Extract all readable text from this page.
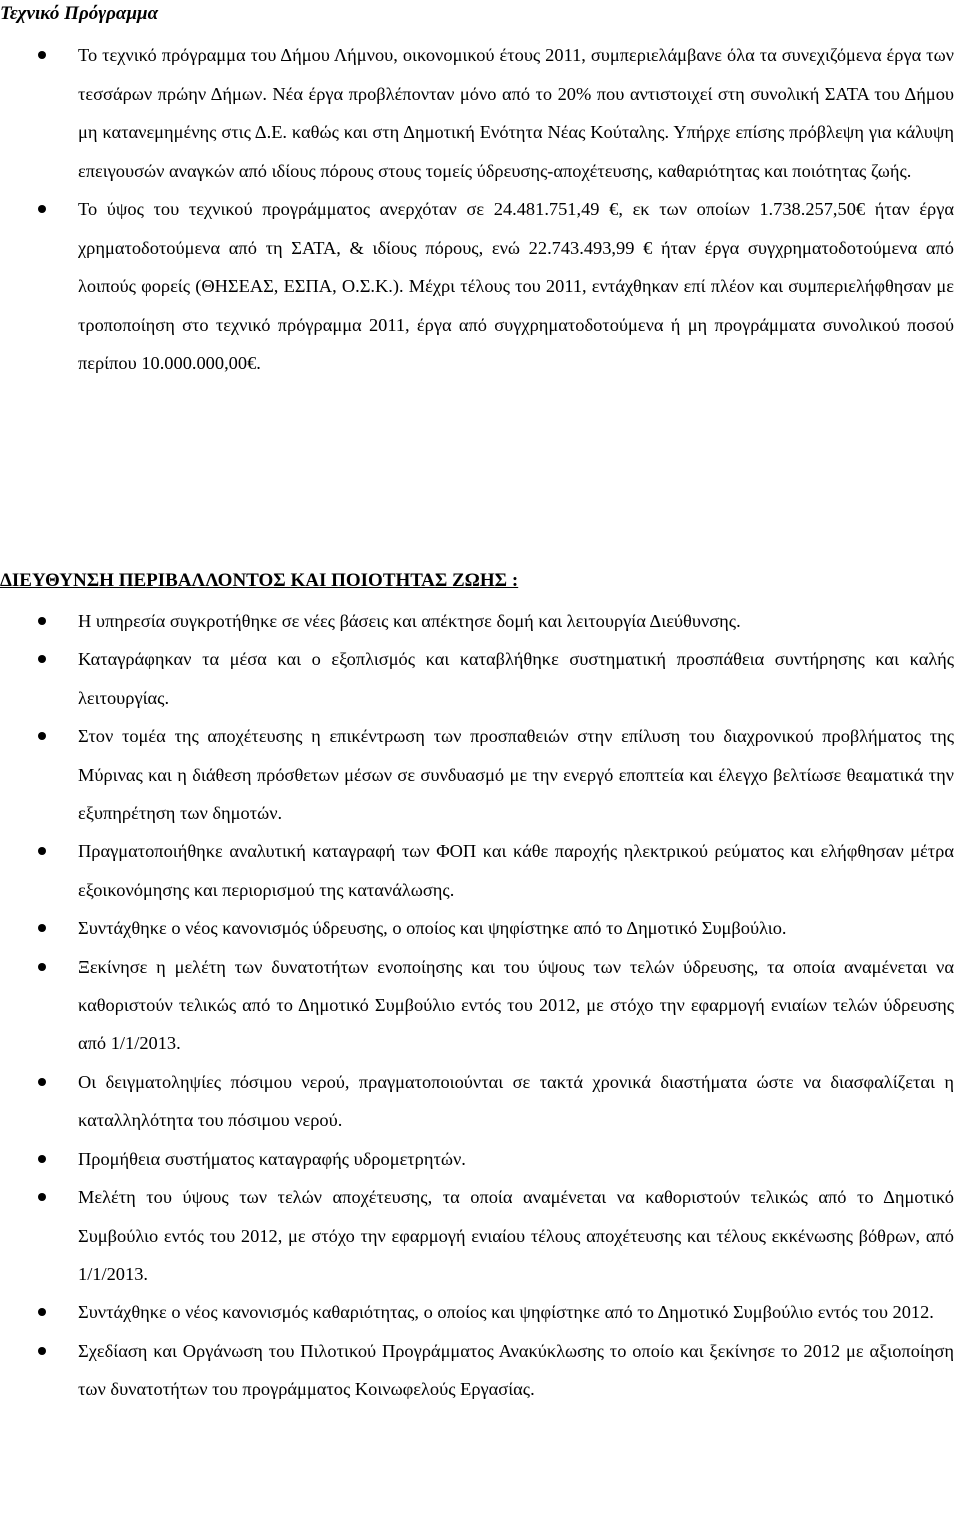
Τεχνικό Πρόγραμμα
Το τεχνικό πρόγραμμα του Δήμου Λήμνου, οικονομικού έτους 2011, συμπεριελάμβανε όλα τα συνεχιζόμενα έργα των τεσσάρων πρώην Δήμων. Νέα έργα προβλέπονταν μόνο από το 20% που αντιστοιχεί στη συνολική ΣΑΤΑ του Δήμου μη κατανεμημένης στις Δ.Ε. καθώς και στη Δημοτική Ενότητα Νέας Κούταλης. Υπήρχε επίσης πρόβλεψη για κάλυψη επειγουσών αναγκών από ιδίους πόρους στους τομείς ύδρευσης-αποχέτευσης, καθαριότητας και ποιότητας ζωής.
Το ύψος του τεχνικού προγράμματος ανερχόταν σε 24.481.751,49 €, εκ των οποίων 1.738.257,50€ ήταν έργα χρηματοδοτούμενα από τη ΣΑΤΑ, & ιδίους πόρους, ενώ 22.743.493,99 € ήταν έργα συγχρηματοδοτούμενα από λοιπούς φορείς (ΘΗΣΕΑΣ, ΕΣΠΑ, Ο.Σ.Κ.). Μέχρι τέλους του 2011, εντάχθηκαν επί πλέον και συμπεριελήφθησαν με τροποποίηση στο τεχνικό πρόγραμμα 2011, έργα από συγχρηματοδοτούμενα ή μη προγράμματα συνολικού ποσού περίπου 10.000.000,00€.
ΔΙΕΥΘΥΝΣΗ ΠΕΡΙΒΑΛΛΟΝΤΟΣ ΚΑΙ ΠΟΙΟΤΗΤΑΣ ΖΩΗΣ :
Η υπηρεσία συγκροτήθηκε σε νέες βάσεις και απέκτησε δομή και λειτουργία Διεύθυνσης.
Καταγράφηκαν τα μέσα και ο εξοπλισμός και καταβλήθηκε συστηματική προσπάθεια συντήρησης και καλής λειτουργίας.
Στον τομέα της αποχέτευσης η επικέντρωση των προσπαθειών στην επίλυση του διαχρονικού προβλήματος της Μύρινας και η διάθεση πρόσθετων μέσων σε συνδυασμό με την ενεργό εποπτεία και έλεγχο βελτίωσε θεαματικά την εξυπηρέτηση των δημοτών.
Πραγματοποιήθηκε αναλυτική καταγραφή των ΦΟΠ και κάθε παροχής ηλεκτρικού ρεύματος και ελήφθησαν μέτρα εξοικονόμησης και περιορισμού της κατανάλωσης.
Συντάχθηκε ο νέος κανονισμός ύδρευσης, ο οποίος και ψηφίστηκε από το Δημοτικό Συμβούλιο.
Ξεκίνησε η μελέτη των δυνατοτήτων ενοποίησης και του ύψους των τελών ύδρευσης, τα οποία αναμένεται να καθοριστούν τελικώς από το Δημοτικό Συμβούλιο εντός του 2012, με στόχο την εφαρμογή ενιαίων τελών ύδρευσης από 1/1/2013.
Οι δειγματοληψίες πόσιμου νερού, πραγματοποιούνται σε τακτά χρονικά διαστήματα ώστε να διασφαλίζεται η καταλληλότητα του πόσιμου νερού.
Προμήθεια συστήματος καταγραφής υδρομετρητών.
Μελέτη του ύψους των τελών αποχέτευσης, τα οποία αναμένεται να καθοριστούν τελικώς από το Δημοτικό Συμβούλιο εντός του 2012, με στόχο την εφαρμογή ενιαίου τέλους αποχέτευσης και τέλους εκκένωσης βόθρων, από 1/1/2013.
Συντάχθηκε ο νέος κανονισμός καθαριότητας, ο οποίος και ψηφίστηκε από το Δημοτικό Συμβούλιο εντός του 2012.
Σχεδίαση και Οργάνωση του Πιλοτικού Προγράμματος Ανακύκλωσης το οποίο και ξεκίνησε το 2012 με αξιοποίηση των δυνατοτήτων του προγράμματος Κοινωφελούς Εργασίας.
